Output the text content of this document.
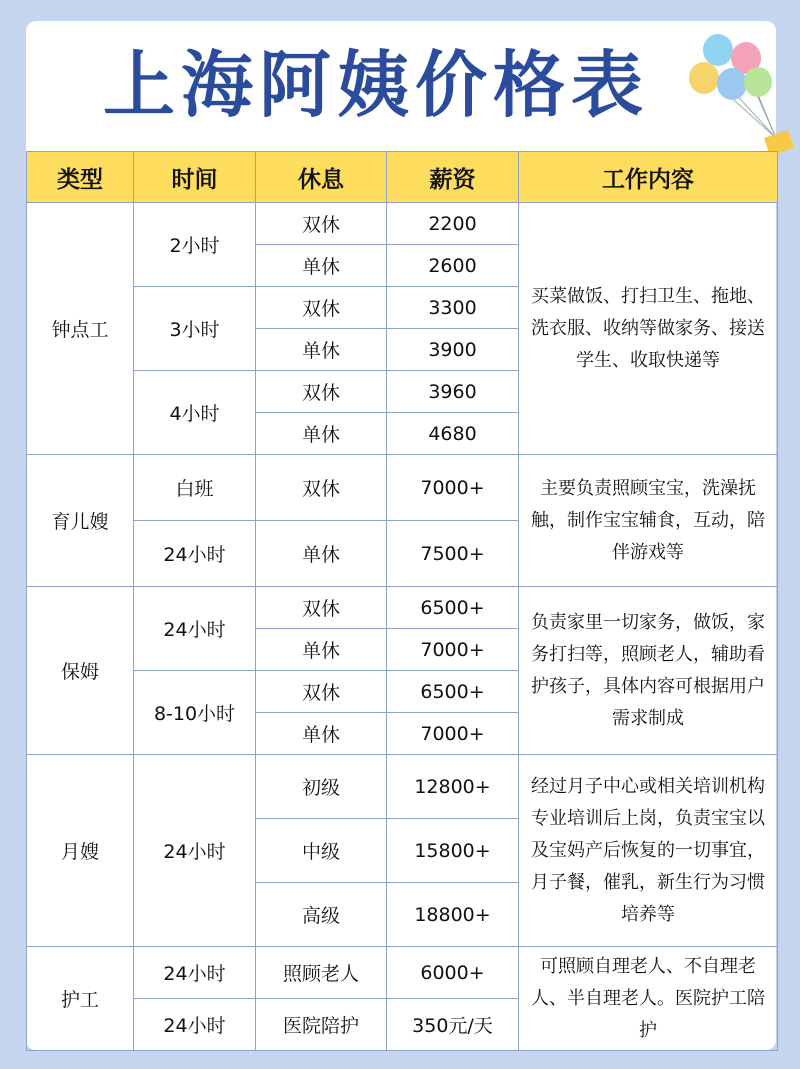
上海阿姨价格表
类型	时间	休息	薪资	工作内容
钟点工	2小时	双休	2200	买菜做饭、打扫卫生、拖地、洗衣服、收纳等做家务、接送学生、收取快递等
		单休	2600	
	3小时	双休	3300	
		单休	3900	
	4小时	双休	3960	
		单休	4680	
育儿嫂	白班	双休	7000+	主要负责照顾宝宝，洗澡抚触，制作宝宝辅食，互动，陪伴游戏等
	24小时	单休	7500+	
保姆	24小时	双休	6500+	负责家里一切家务，做饭，家务打扫等，照顾老人，辅助看护孩子，具体内容可根据用户需求制成
		单休	7000+	
	8-10小时	双休	6500+	
		单休	7000+	
月嫂	24小时	初级	12800+	经过月子中心或相关培训机构专业培训后上岗，负责宝宝以及宝妈产后恢复的一切事宜，月子餐，催乳，新生行为习惯培养等
		中级	15800+	
		高级	18800+	
护工	24小时	照顾老人	6000+	可照顾自理老人、不自理老人、半自理老人。医院护工陪护
	24小时	医院陪护	350元/天	
